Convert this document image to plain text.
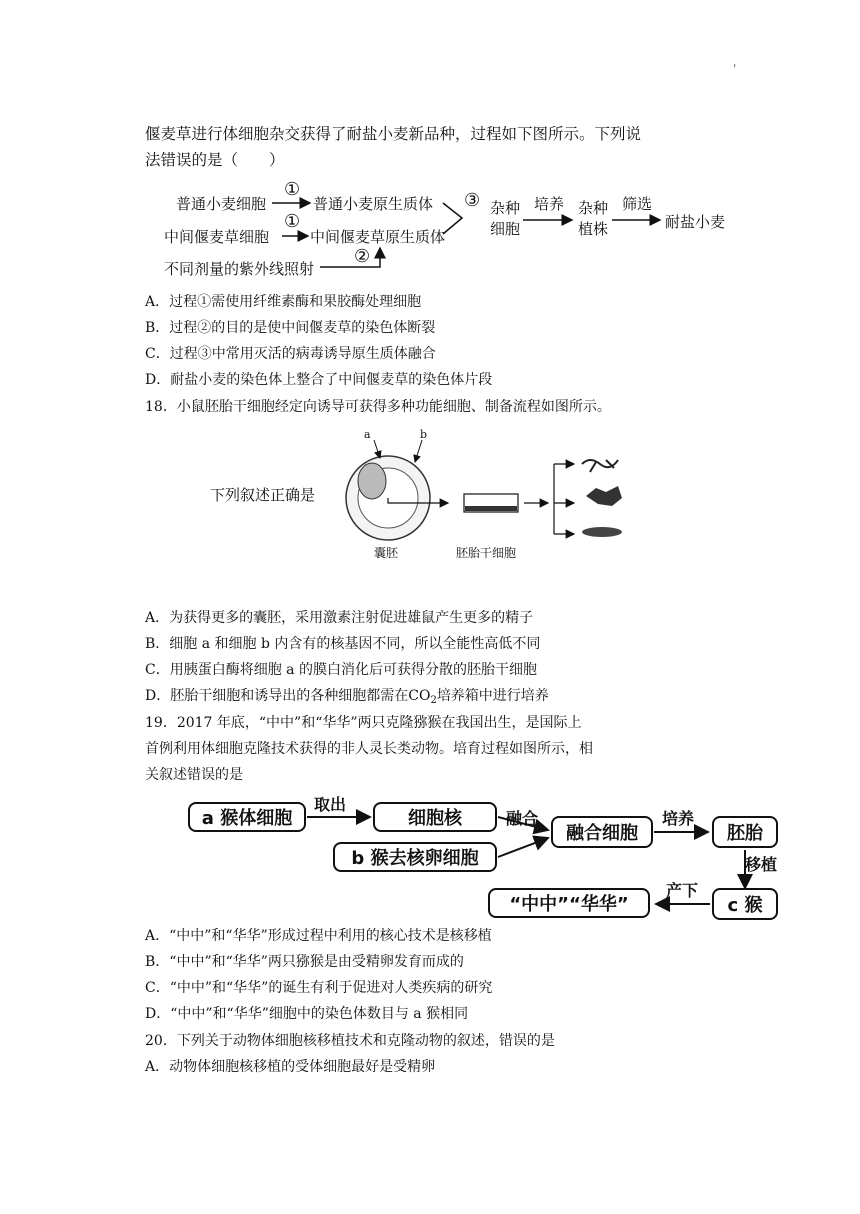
'
偃麦草进行体细胞杂交获得了耐盐小麦新品种，过程如下图所示。下列说
法错误的是（　　）
普通小麦细胞
①
普通小麦原生质体
中间偃麦草细胞
①
中间偃麦草原生质体
不同剂量的紫外线照射
②
③ 杂种
细胞
培养 杂种
植株
筛选
耐盐小麦
A．过程①需使用纤维素酶和果胶酶处理细胞
B．过程②的目的是使中间偃麦草的染色体断裂
C．过程③中常用灭活的病毒诱导原生质体融合
D．耐盐小麦的染色体上整合了中间偃麦草的染色体片段
18．小鼠胚胎干细胞经定向诱导可获得多种功能细胞、制备流程如图所示。
下列叙述正确是
a	b
囊胚	胚胎干细胞
A．为获得更多的囊胚，采用激素注射促进雄鼠产生更多的精子
B．细胞 a 和细胞 b 内含有的核基因不同，所以全能性高低不同
C．用胰蛋白酶将细胞 a 的膜白消化后可获得分散的胚胎干细胞
D．胚胎干细胞和诱导出的各种细胞都需在$CO_2$培养箱中进行培养
19．2017 年底，“中中”和“华华”两只克隆猕猴在我国出生，是国际上
首例利用体细胞克隆技术获得的非人灵长类动物。培育过程如图所示，相
关叙述错误的是
a 猴体细胞
取出
细胞核
b 猴去核卵细胞
融合
融合细胞
培养
胚胎
移植
c 猴
产下
“中中”“华华”
A．“中中”和“华华”形成过程中利用的核心技术是核移植
B．“中中”和“华华”两只猕猴是由受精卵发育而成的
C．“中中”和“华华”的诞生有利于促进对人类疾病的研究
D．“中中”和“华华”细胞中的染色体数目与 a 猴相同
20．下列关于动物体细胞核移植技术和克隆动物的叙述，错误的是
A．动物体细胞核移植的受体细胞最好是受精卵
